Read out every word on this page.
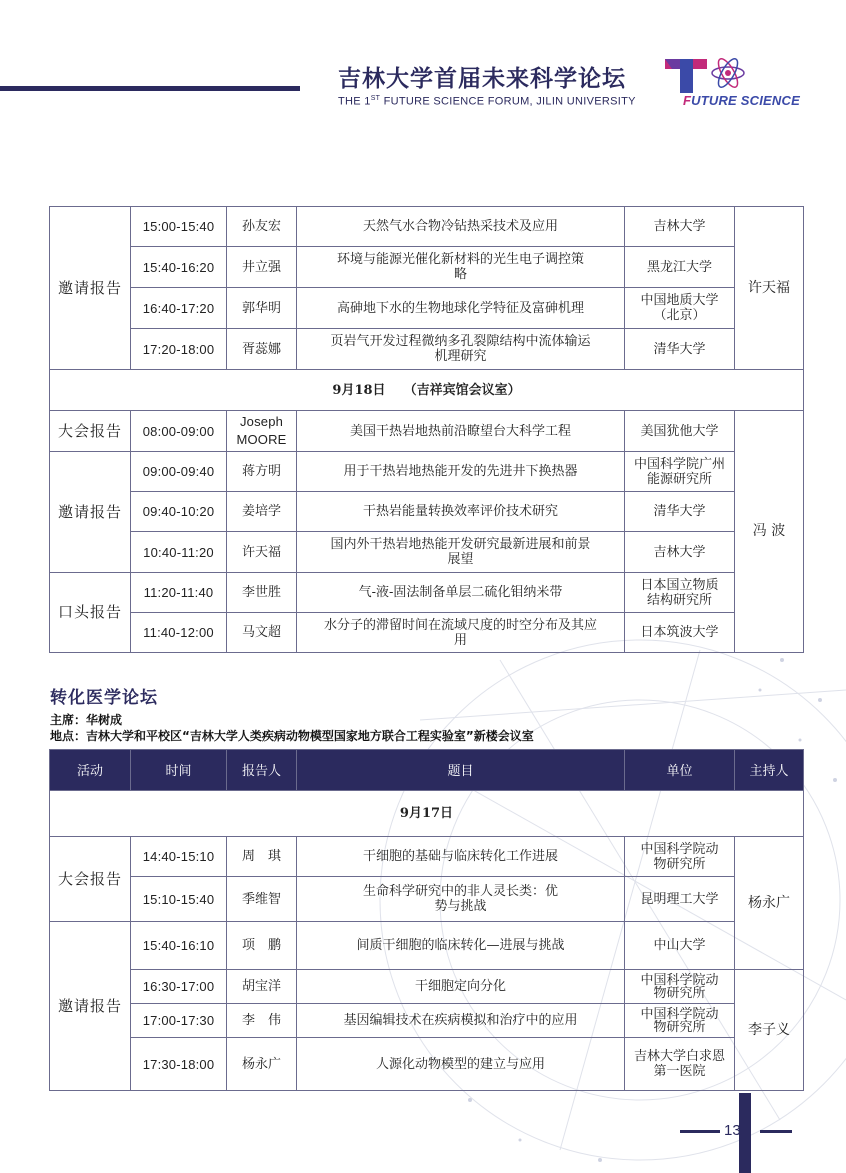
吉林大学首届未来科学论坛
THE 1ST FUTURE SCIENCE FORUM, JILIN UNIVERSITY	FUTURE SCIENCE
邀请报告	15:00-15:40	孙友宏	天然气水合物冷钻热采技术及应用	吉林大学	许天福
	15:40-16:20	井立强	环境与能源光催化新材料的光生电子调控策略	黑龙江大学	
	16:40-17:20	郭华明	高砷地下水的生物地球化学特征及富砷机理	中国地质大学（北京）	
	17:20-18:00	胥蕊娜	页岩气开发过程微纳多孔裂隙结构中流体输运机理研究	清华大学	
9月18日 （吉祥宾馆会议室）					
大会报告	08:00-09:00	Joseph MOORE	美国干热岩地热前沿瞭望台大科学工程	美国犹他大学	冯 波
邀请报告	09:00-09:40	蒋方明	用于干热岩地热能开发的先进井下换热器	中国科学院广州能源研究所	
	09:40-10:20	姜培学	干热岩能量转换效率评价技术研究	清华大学	
	10:40-11:20	许天福	国内外干热岩地热能开发研究最新进展和前景展望	吉林大学	
口头报告	11:20-11:40	李世胜	气-液-固法制备单层二硫化钼纳米带	日本国立物质结构研究所	
	11:40-12:00	马文超	水分子的滞留时间在流域尺度的时空分布及其应用	日本筑波大学	
转化医学论坛
主席：华树成
地点：吉林大学和平校区“吉林大学人类疾病动物模型国家地方联合工程实验室”新楼会议室
活动	时间	报告人	题目	单位	主持人
9月17日					
大会报告	14:40-15:10	周　琪	干细胞的基础与临床转化工作进展	中国科学院动物研究所	杨永广
	15:10-15:40	季维智	生命科学研究中的非人灵长类：优势与挑战	昆明理工大学	
邀请报告	15:40-16:10	项　鹏	间质干细胞的临床转化—进展与挑战	中山大学	
	16:30-17:00	胡宝洋	干细胞定向分化	中国科学院动物研究所	李子义
	17:00-17:30	李　伟	基因编辑技术在疾病模拟和治疗中的应用	中国科学院动物研究所	
	17:30-18:00	杨永广	人源化动物模型的建立与应用	吉林大学白求恩第一医院	
13
